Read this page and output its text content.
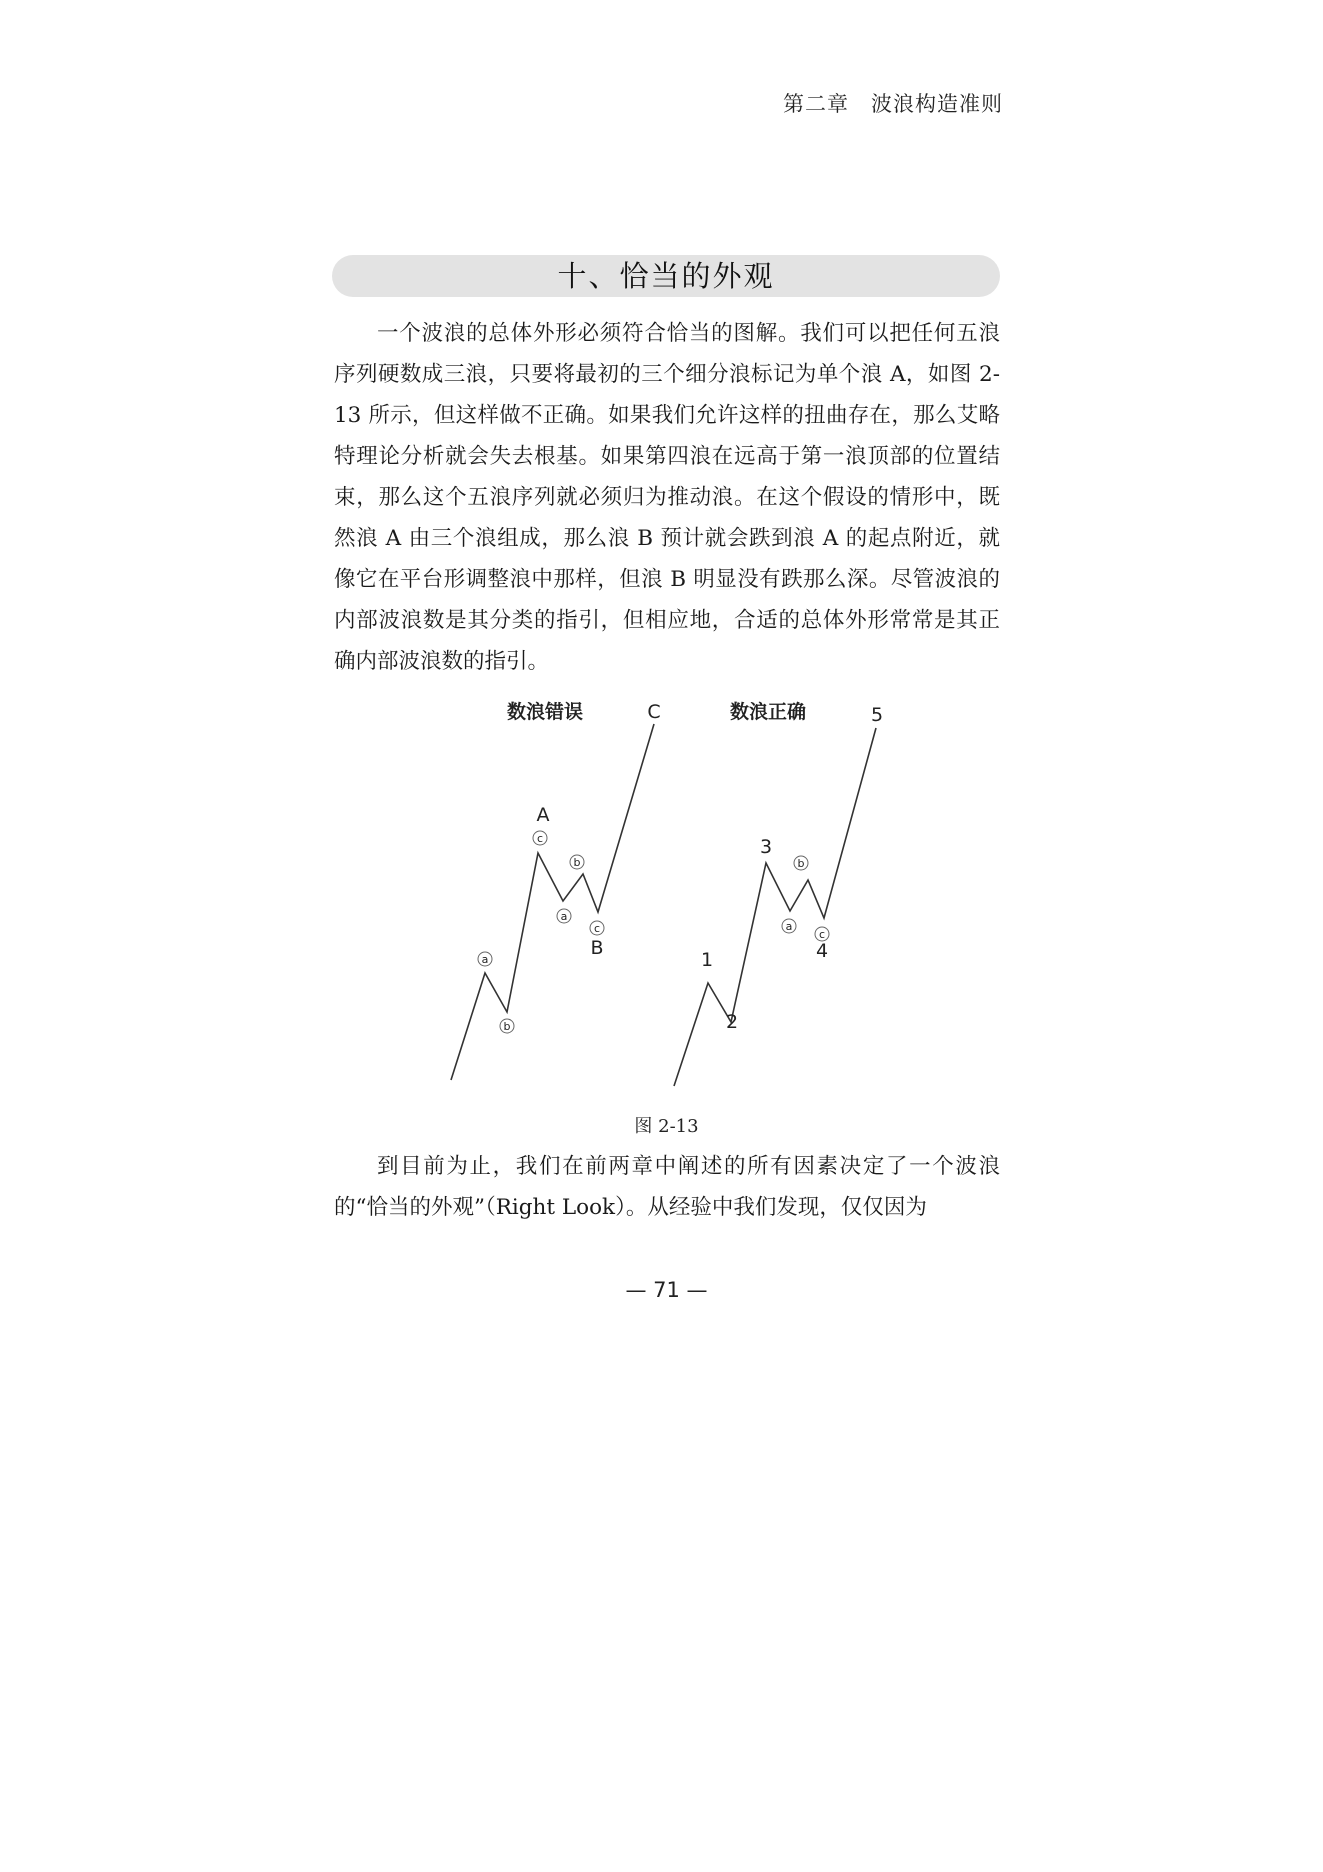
第二章　波浪构造准则
十、恰当的外观

一个波浪的总体外形必须符合恰当的图解。我们可以把任何五浪序列硬数成三浪，只要将最初的三个细分浪标记为单个浪 A，如图 2-13 所示，但这样做不正确。如果我们允许这样的扭曲存在，那么艾略特理论分析就会失去根基。如果第四浪在远高于第一浪顶部的位置结束，那么这个五浪序列就必须归为推动浪。在这个假设的情形中，既然浪 A 由三个浪组成，那么浪 B 预计就会跌到浪 A 的起点附近，就像它在平台形调整浪中那样，但浪 B 明显没有跌那么深。尽管波浪的内部波浪数是其分类的指引，但相应地，合适的总体外形常常是其正确内部波浪数的指引。

数浪错误
A
B
C
a
b
c
a
b
c
数浪正确
1
2
3
4
5
a
b
c
图 2-13

到目前为止，我们在前两章中阐述的所有因素决定了一个波浪的“恰当的外观”（Right Look）。从经验中我们发现，仅仅因为

— 71 —
